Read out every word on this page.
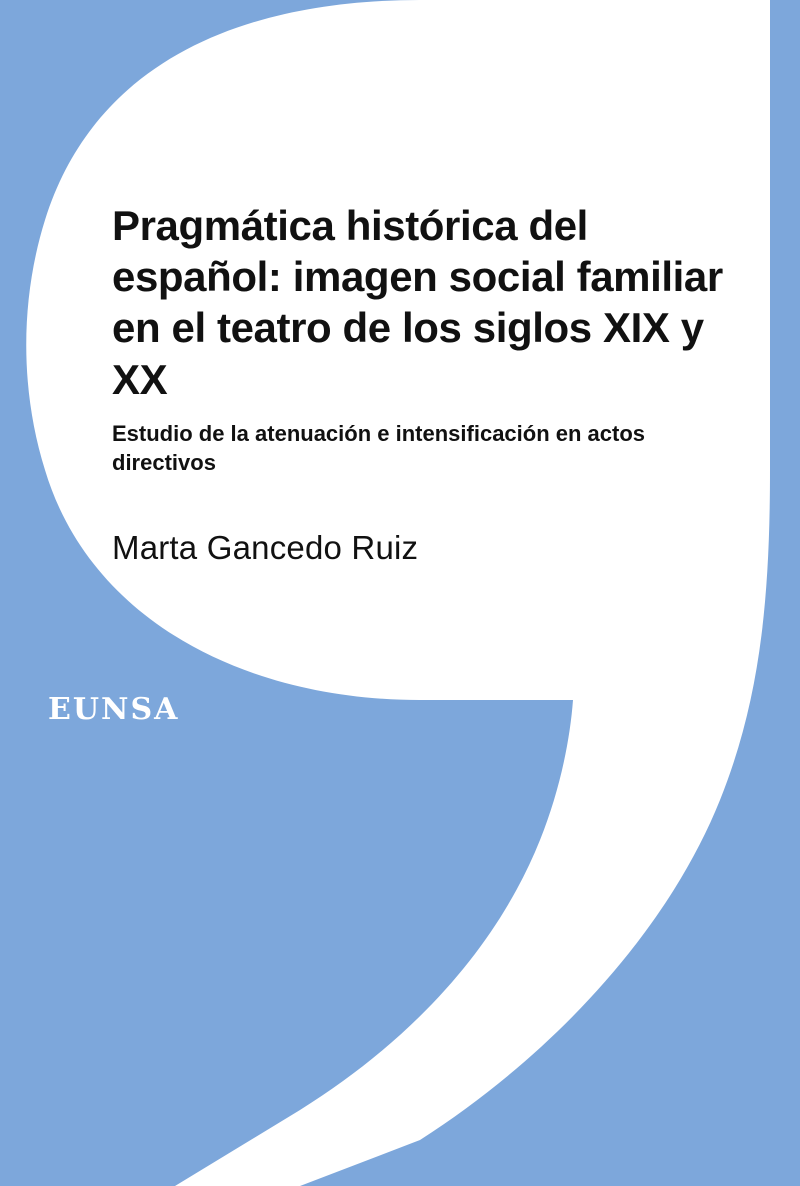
Pragmática histórica del español: imagen social familiar en el teatro de los siglos XIX y XX
Estudio de la atenuación e intensificación en actos directivos

Marta Gancedo Ruiz

EUNSA
